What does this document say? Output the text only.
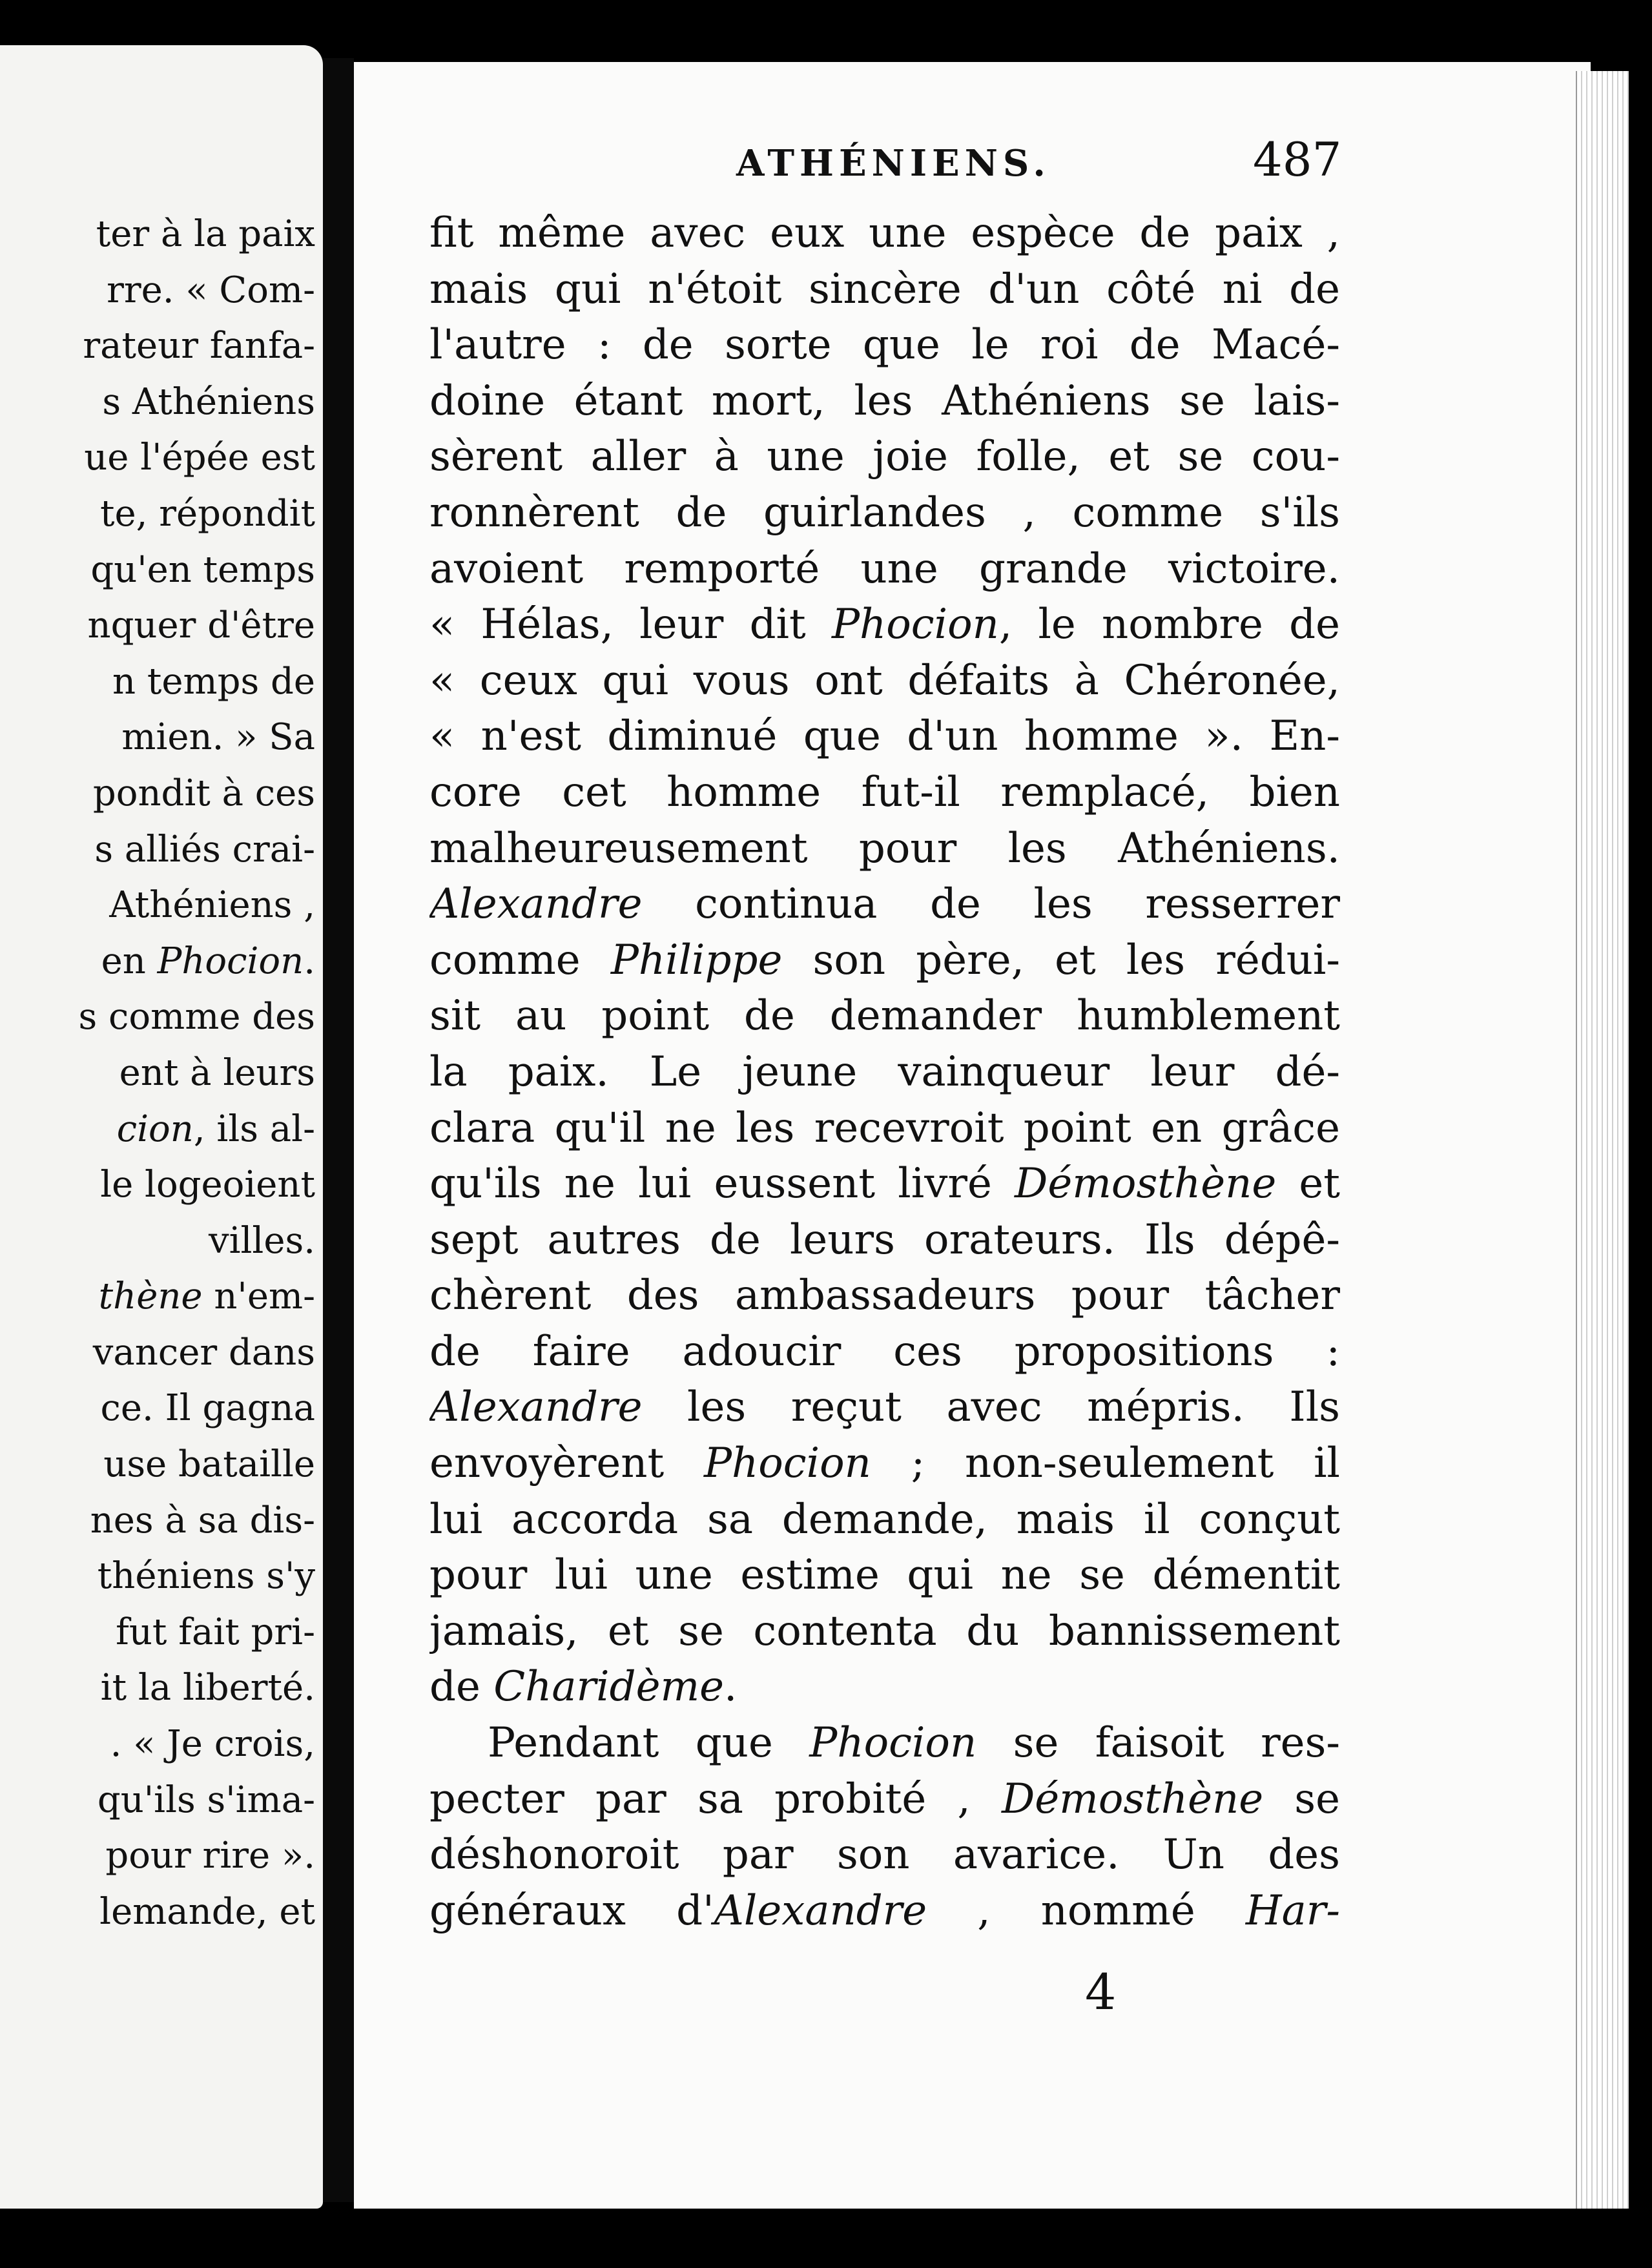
ter à la paix
rre. « Com-
rateur fanfa-
s Athéniens
ue l'épée est
te, répondit
qu'en temps
nquer d'être
n temps de
mien. » Sa
pondit à ces
s alliés crai-
Athéniens ,
en Phocion.
s comme des
ent à leurs
cion, ils al-
le logeoient
villes.
thène n'em-
vancer dans
ce. Il gagna
use bataille
nes à sa dis-
théniens s'y
fut fait pri-
it la liberté.
. « Je crois,
qu'ils s'ima-
pour rire ».
lemande, et
ATHÉNIENS.	487
fit même avec eux une espèce de paix ,
mais qui n'étoit sincère d'un côté ni de
l'autre : de sorte que le roi de Macé-
doine étant mort, les Athéniens se lais-
sèrent aller à une joie folle, et se cou-
ronnèrent de guirlandes , comme s'ils
avoient remporté une grande victoire.
« Hélas, leur dit Phocion, le nombre de
« ceux qui vous ont défaits à Chéronée,
« n'est diminué que d'un homme ». En-
core cet homme fut-il remplacé, bien
malheureusement pour les Athéniens.
Alexandre continua de les resserrer
comme Philippe son père, et les rédui-
sit au point de demander humblement
la paix. Le jeune vainqueur leur dé-
clara qu'il ne les recevroit point en grâce
qu'ils ne lui eussent livré Démosthène et
sept autres de leurs orateurs. Ils dépê-
chèrent des ambassadeurs pour tâcher
de faire adoucir ces propositions :
Alexandre les reçut avec mépris. Ils
envoyèrent Phocion ; non-seulement il
lui accorda sa demande, mais il conçut
pour lui une estime qui ne se démentit
jamais, et se contenta du bannissement
de Charidème.
Pendant que Phocion se faisoit res-
pecter par sa probité , Démosthène se
déshonoroit par son avarice. Un des
généraux d'Alexandre , nommé Har-
4
